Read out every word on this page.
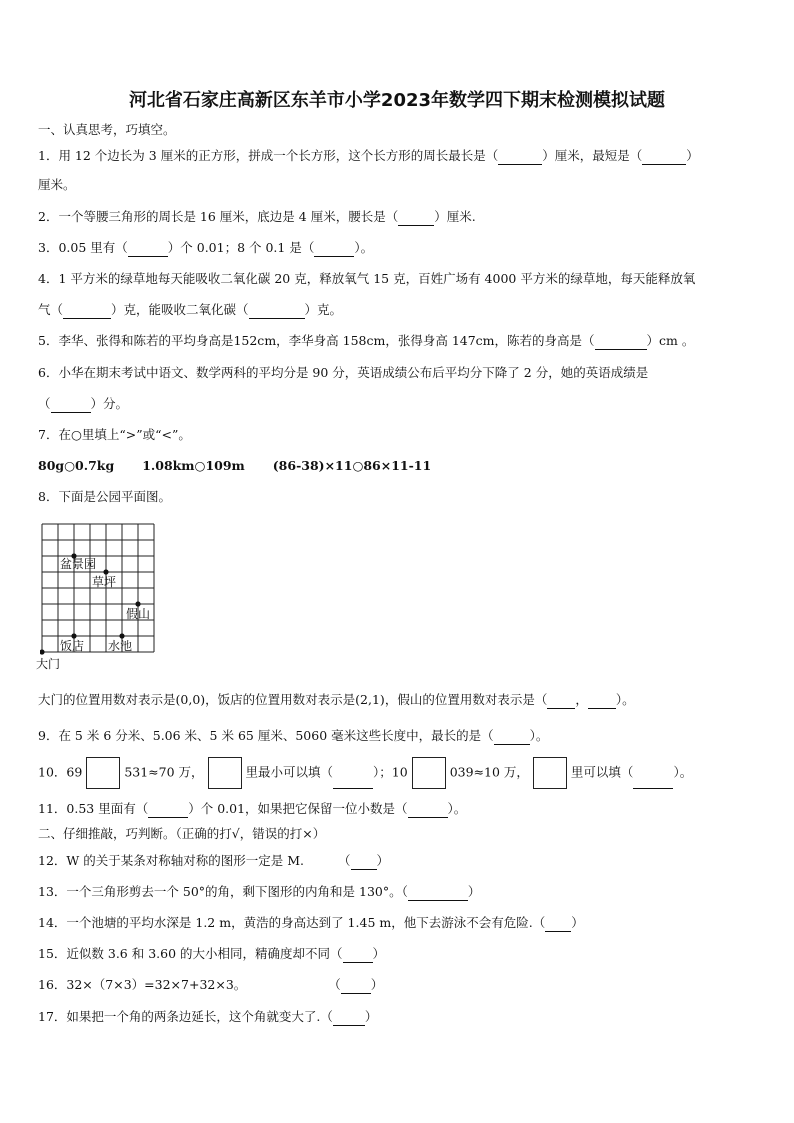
河北省石家庄高新区东羊市小学2023年数学四下期末检测模拟试题
一、认真思考，巧填空。
1．用 12 个边长为 3 厘米的正方形，拼成一个长方形，这个长方形的周长最长是（	）厘米，最短是（	）
厘米。
2．一个等腰三角形的周长是 16 厘米，底边是 4 厘米，腰长是（	）厘米.
3．0.05 里有（	）个 0.01；8 个 0.1 是（	）。
4．1 平方米的绿草地每天能吸收二氧化碳 20 克，释放氧气 15 克，百姓广场有 4000 平方米的绿草地，每天能释放氧
气（	）克，能吸收二氧化碳（	）克。
5．李华、张得和陈若的平均身高是152cm，李华身高 158cm，张得身高 147cm，陈若的身高是（	）cm 。
6．小华在期末考试中语文、数学两科的平均分是 90 分，英语成绩公布后平均分下降了 2 分，她的英语成绩是
（	）分。
7．在○里填上“>”或“<”。
80g○0.7kg 1.08km○109m (86-38)×11○86×11-11
8．下面是公园平面图。
盆景园
草坪
假山
饭店 水池
大门
大门的位置用数对表示是(0,0)，饭店的位置用数对表示是(2,1)，假山的位置用数对表示是（ ， ）。
9．在 5 米 6 分米、5.06 米、5 米 65 厘米、5060 毫米这些长度中，最长的是（	）。
10．69	531≈70 万，	里最小可以填（	）；10	039≈10 万，	里可以填（	）。
11．0.53 里面有（	）个 0.01，如果把它保留一位小数是（	）。
二、仔细推敲，巧判断。（正确的打√，错误的打×）
12．W 的关于某条对称轴对称的图形一定是 M.	（ ）
13．一个三角形剪去一个 50°的角，剩下图形的内角和是 130°。（	）
14．一个池塘的平均水深是 1.2 m，黄浩的身高达到了 1.45 m，他下去游泳不会有危险.（ ）
15．近似数 3.6 和 3.60 的大小相同，精确度却不同（ ）
16．32×（7×3）=32×7+32×3。	（ ）
17．如果把一个角的两条边延长，这个角就变大了.（	）
